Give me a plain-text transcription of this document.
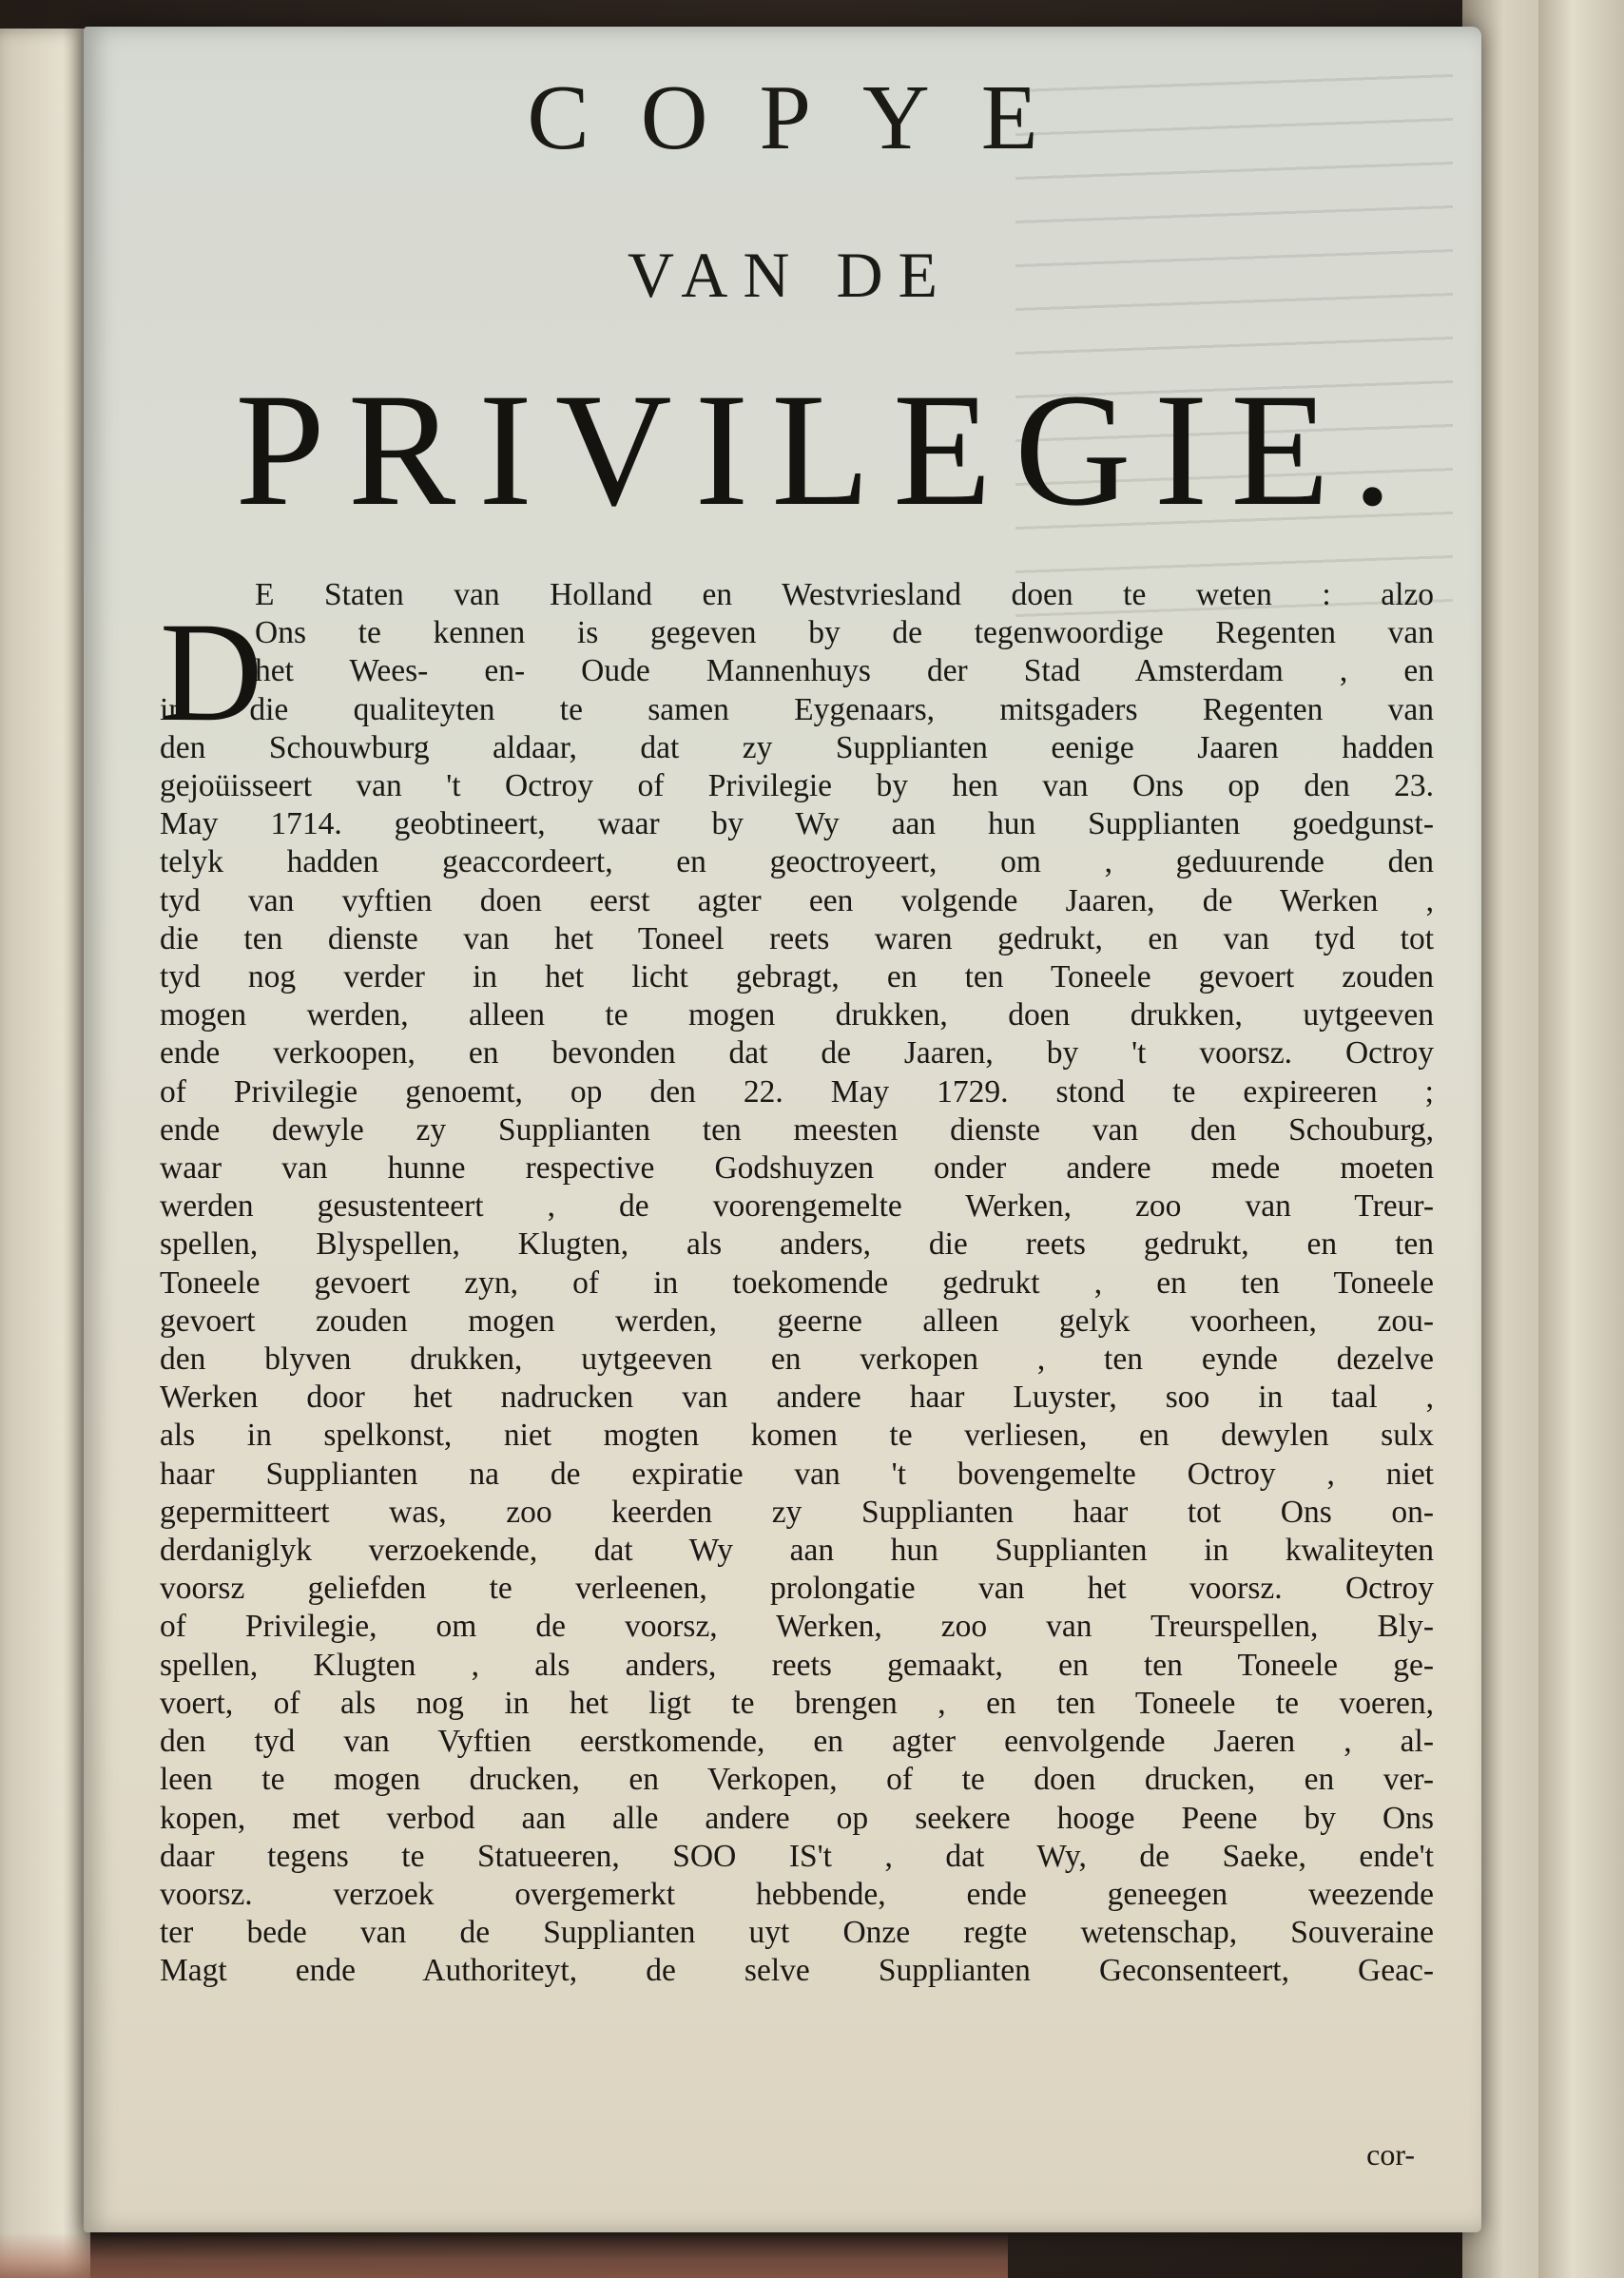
COPYE
VAN DE
PRIVILEGIE.
D
E Staten van Holland en Westvriesland doen te weten : alzo
Ons te kennen is gegeven by de tegenwoordige Regenten van
het Wees- en- Oude Mannenhuys der Stad Amsterdam , en
in die qualiteyten te samen Eygenaars, mitsgaders Regenten van
den Schouwburg aldaar, dat zy Supplianten eenige Jaaren hadden
gejoüisseert van 't Octroy of Privilegie by hen van Ons op den 23.
May 1714. geobtineert, waar by Wy aan hun Supplianten goedgunst-
telyk hadden geaccordeert, en geoctroyeert, om , geduurende den
tyd van vyftien doen eerst agter een volgende Jaaren, de Werken ,
die ten dienste van het Toneel reets waren gedrukt, en van tyd tot
tyd nog verder in het licht gebragt, en ten Toneele gevoert zouden
mogen werden, alleen te mogen drukken, doen drukken, uytgeeven
ende verkoopen, en bevonden dat de Jaaren, by 't voorsz. Octroy
of Privilegie genoemt, op den 22. May 1729. stond te expireeren ;
ende dewyle zy Supplianten ten meesten dienste van den Schouburg,
waar van hunne respective Godshuyzen onder andere mede moeten
werden gesustenteert , de voorengemelte Werken, zoo van Treur-
spellen, Blyspellen, Klugten, als anders, die reets gedrukt, en ten
Toneele gevoert zyn, of in toekomende gedrukt , en ten Toneele
gevoert zouden mogen werden, geerne alleen gelyk voorheen, zou-
den blyven drukken, uytgeeven en verkopen , ten eynde dezelve
Werken door het nadrucken van andere haar Luyster, soo in taal ,
als in spelkonst, niet mogten komen te verliesen, en dewylen sulx
haar Supplianten na de expiratie van 't bovengemelte Octroy , niet
gepermitteert was, zoo keerden zy Supplianten haar tot Ons on-
derdaniglyk verzoekende, dat Wy aan hun Supplianten in kwaliteyten
voorsz geliefden te verleenen, prolongatie van het voorsz. Octroy
of Privilegie, om de voorsz, Werken, zoo van Treurspellen, Bly-
spellen, Klugten , als anders, reets gemaakt, en ten Toneele ge-
voert, of als nog in het ligt te brengen , en ten Toneele te voeren,
den tyd van Vyftien eerstkomende, en agter eenvolgende Jaeren , al-
leen te mogen drucken, en Verkopen, of te doen drucken, en ver-
kopen, met verbod aan alle andere op seekere hooge Peene by Ons
daar tegens te Statueeren, SOO IS't , dat Wy, de Saeke, ende't
voorsz. verzoek overgemerkt hebbende, ende geneegen weezende
ter bede van de Supplianten uyt Onze regte wetenschap, Souveraine
Magt ende Authoriteyt, de selve Supplianten Geconsenteert, Geac-
cor-
